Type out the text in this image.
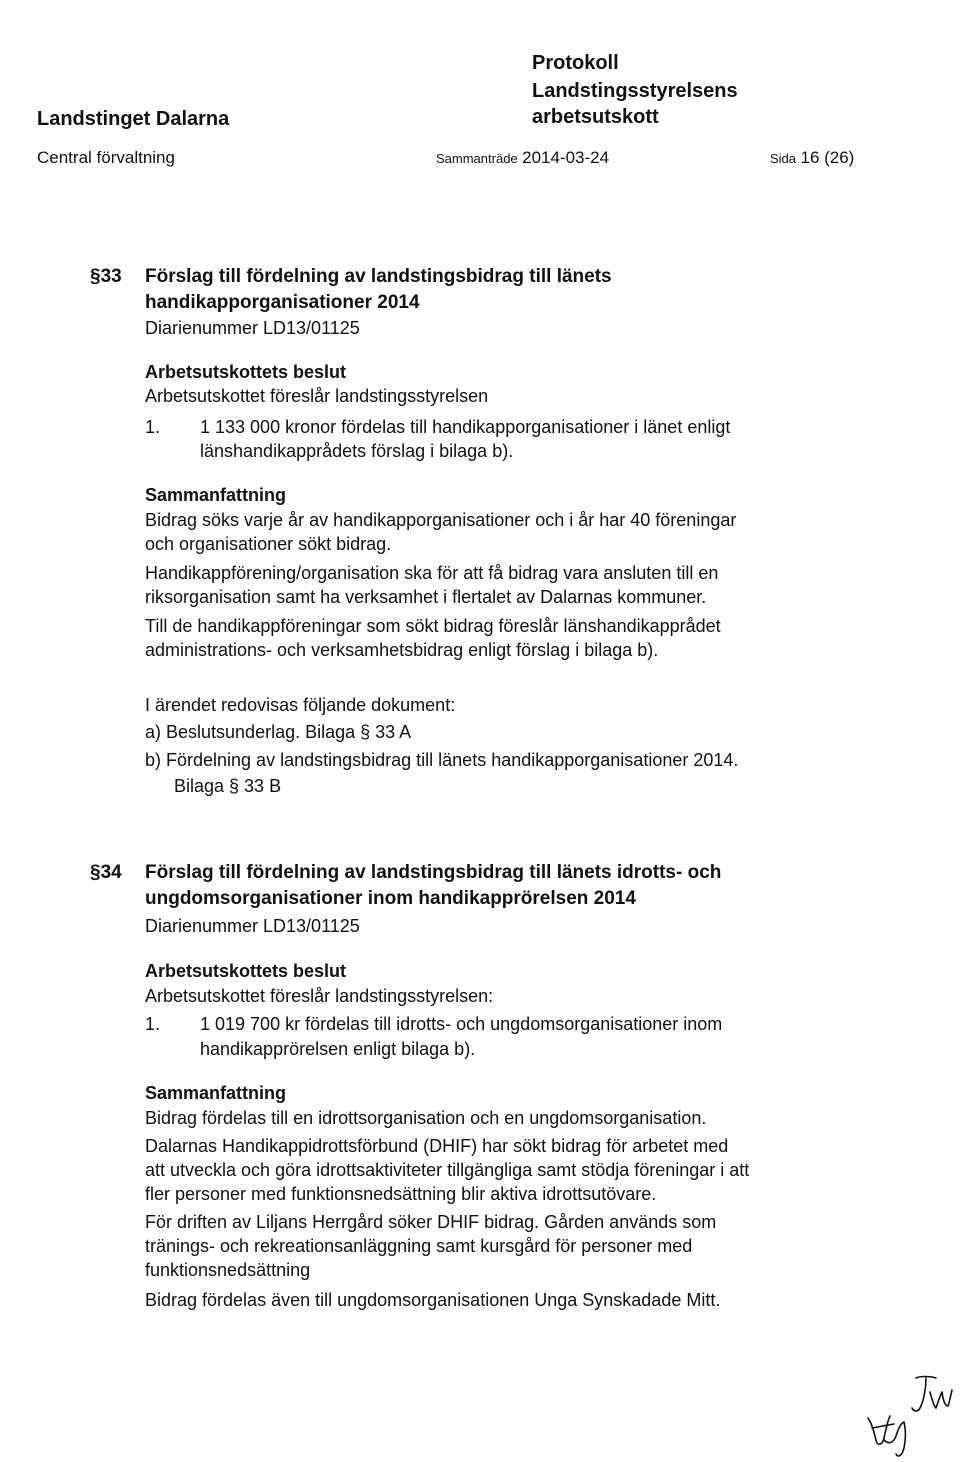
Protokoll
Landstingsstyrelsens
Landstinget Dalarna	arbetsutskott
Central förvaltning	Sammanträde 2014-03-24	Sida 16 (26)
§33 Förslag till fördelning av landstingsbidrag till länets
handikapporganisationer 2014
Diarienummer LD13/01125
Arbetsutskottets beslut
Arbetsutskottet föreslår landstingsstyrelsen
1. 1 133 000 kronor fördelas till handikapporganisationer i länet enligt
länshandikapprådets förslag i bilaga b).
Sammanfattning
Bidrag söks varje år av handikapporganisationer och i år har 40 föreningar
och organisationer sökt bidrag.
Handikappförening/organisation ska för att få bidrag vara ansluten till en
riksorganisation samt ha verksamhet i flertalet av Dalarnas kommuner.
Till de handikappföreningar som sökt bidrag föreslår länshandikapprådet
administrations- och verksamhetsbidrag enligt förslag i bilaga b).
I ärendet redovisas följande dokument:
a) Beslutsunderlag. Bilaga § 33 A
b) Fördelning av landstingsbidrag till länets handikapporganisationer 2014.
Bilaga § 33 B
§34 Förslag till fördelning av landstingsbidrag till länets idrotts- och
ungdomsorganisationer inom handikapprörelsen 2014
Diarienummer LD13/01125
Arbetsutskottets beslut
Arbetsutskottet föreslår landstingsstyrelsen:
1. 1 019 700 kr fördelas till idrotts- och ungdomsorganisationer inom
handikapprörelsen enligt bilaga b).
Sammanfattning
Bidrag fördelas till en idrottsorganisation och en ungdomsorganisation.
Dalarnas Handikappidrottsförbund (DHIF) har sökt bidrag för arbetet med
att utveckla och göra idrottsaktiviteter tillgängliga samt stödja föreningar i att
fler personer med funktionsnedsättning blir aktiva idrottsutövare.
För driften av Liljans Herrgård söker DHIF bidrag. Gården används som
tränings- och rekreationsanläggning samt kursgård för personer med
funktionsnedsättning
Bidrag fördelas även till ungdomsorganisationen Unga Synskadade Mitt.
